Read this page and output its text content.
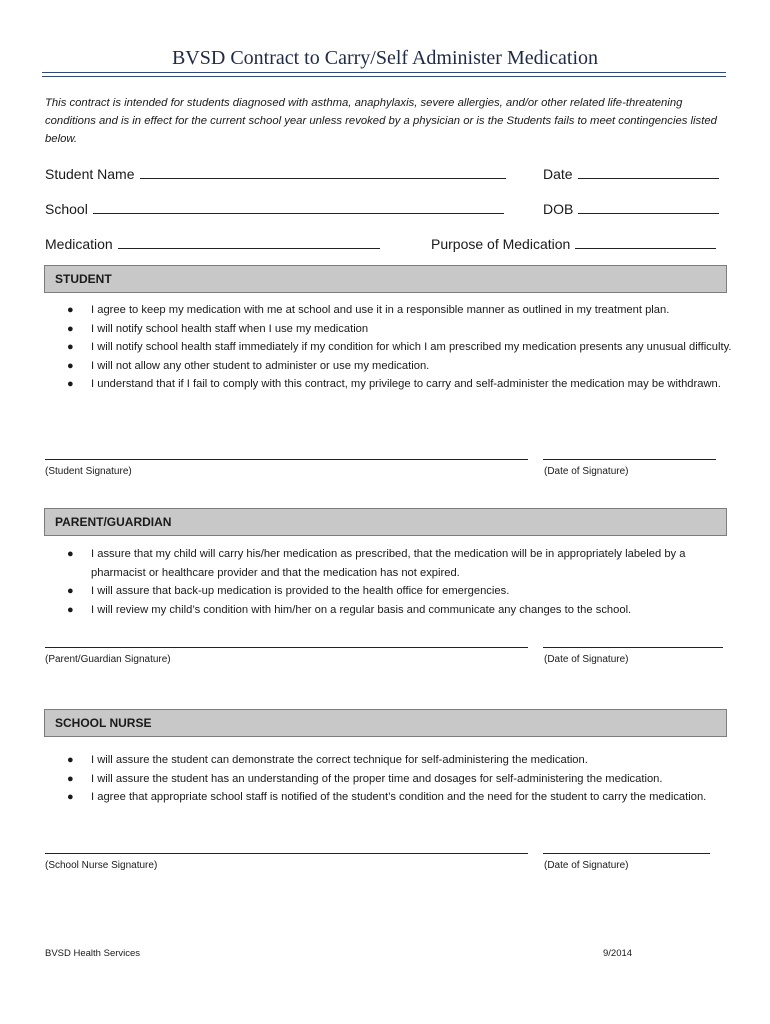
BVSD Contract to Carry/Self Administer Medication
This contract is intended for students diagnosed with asthma, anaphylaxis, severe allergies, and/or other related life-threatening conditions and is in effect for the current school year unless revoked by a physician or is the Students fails to meet contingencies listed below.
Student Name	Date
School	DOB
Medication	Purpose of Medication
STUDENT
● I agree to keep my medication with me at school and use it in a responsible manner as outlined in my treatment plan.
● I will notify school health staff when I use my medication
● I will notify school health staff immediately if my condition for which I am prescribed my medication presents any unusual difficulty.
● I will not allow any other student to administer or use my medication.
● I understand that if I fail to comply with this contract, my privilege to carry and self-administer the medication may be withdrawn.
(Student Signature)	(Date of Signature)
PARENT/GUARDIAN
● I assure that my child will carry his/her medication as prescribed, that the medication will be in appropriately labeled by a pharmacist or healthcare provider and that the medication has not expired.
● I will assure that back-up medication is provided to the health office for emergencies.
● I will review my child’s condition with him/her on a regular basis and communicate any changes to the school.
(Parent/Guardian Signature)	(Date of Signature)
SCHOOL NURSE
● I will assure the student can demonstrate the correct technique for self-administering the medication.
● I will assure the student has an understanding of the proper time and dosages for self-administering the medication.
● I agree that appropriate school staff is notified of the student’s condition and the need for the student to carry the medication.
(School Nurse Signature)	(Date of Signature)
BVSD Health Services	9/2014
